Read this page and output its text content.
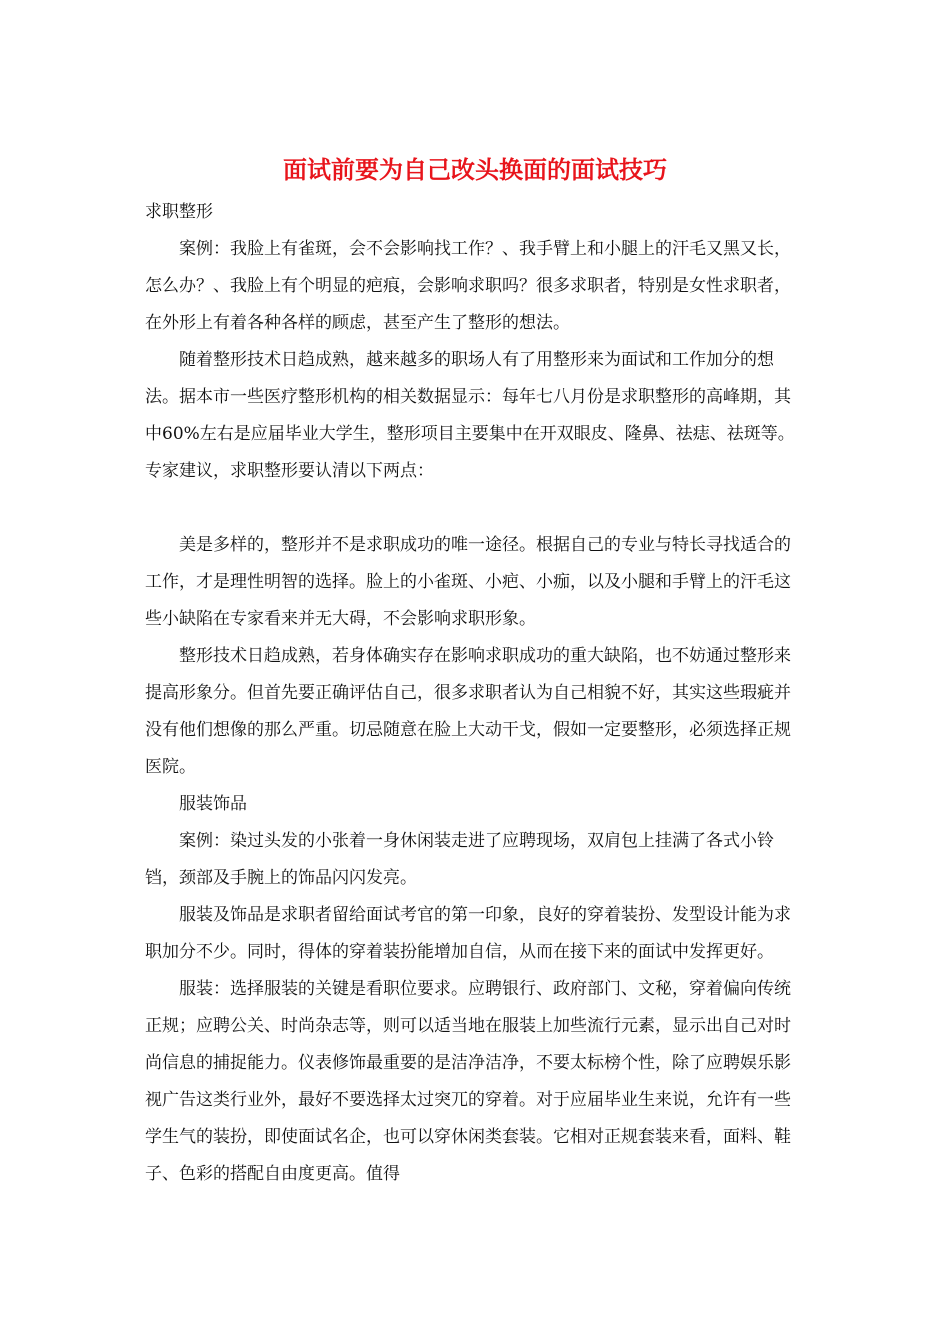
面试前要为自己改头换面的面试技巧

求职整形

案例：我脸上有雀斑，会不会影响找工作？、我手臂上和小腿上的汗毛又黑又长，怎么办？、我脸上有个明显的疤痕，会影响求职吗？很多求职者，特别是女性求职者，在外形上有着各种各样的顾虑，甚至产生了整形的想法。

随着整形技术日趋成熟，越来越多的职场人有了用整形来为面试和工作加分的想法。据本市一些医疗整形机构的相关数据显示：每年七八月份是求职整形的高峰期，其中60%左右是应届毕业大学生，整形项目主要集中在开双眼皮、隆鼻、祛痣、祛斑等。专家建议，求职整形要认清以下两点：

美是多样的，整形并不是求职成功的唯一途径。根据自己的专业与特长寻找适合的工作，才是理性明智的选择。脸上的小雀斑、小疤、小痂，以及小腿和手臂上的汗毛这些小缺陷在专家看来并无大碍，不会影响求职形象。

整形技术日趋成熟，若身体确实存在影响求职成功的重大缺陷，也不妨通过整形来提高形象分。但首先要正确评估自己，很多求职者认为自己相貌不好，其实这些瑕疵并没有他们想像的那么严重。切忌随意在脸上大动干戈，假如一定要整形，必须选择正规医院。

服装饰品

案例：染过头发的小张着一身休闲装走进了应聘现场，双肩包上挂满了各式小铃铛，颈部及手腕上的饰品闪闪发亮。

服装及饰品是求职者留给面试考官的第一印象，良好的穿着装扮、发型设计能为求职加分不少。同时，得体的穿着装扮能增加自信，从而在接下来的面试中发挥更好。

服装：选择服装的关键是看职位要求。应聘银行、政府部门、文秘，穿着偏向传统正规；应聘公关、时尚杂志等，则可以适当地在服装上加些流行元素，显示出自己对时尚信息的捕捉能力。仪表修饰最重要的是洁净洁净，不要太标榜个性，除了应聘娱乐影视广告这类行业外，最好不要选择太过突兀的穿着。对于应届毕业生来说，允许有一些学生气的装扮，即使面试名企，也可以穿休闲类套装。它相对正规套装来看，面料、鞋子、色彩的搭配自由度更高。值得
